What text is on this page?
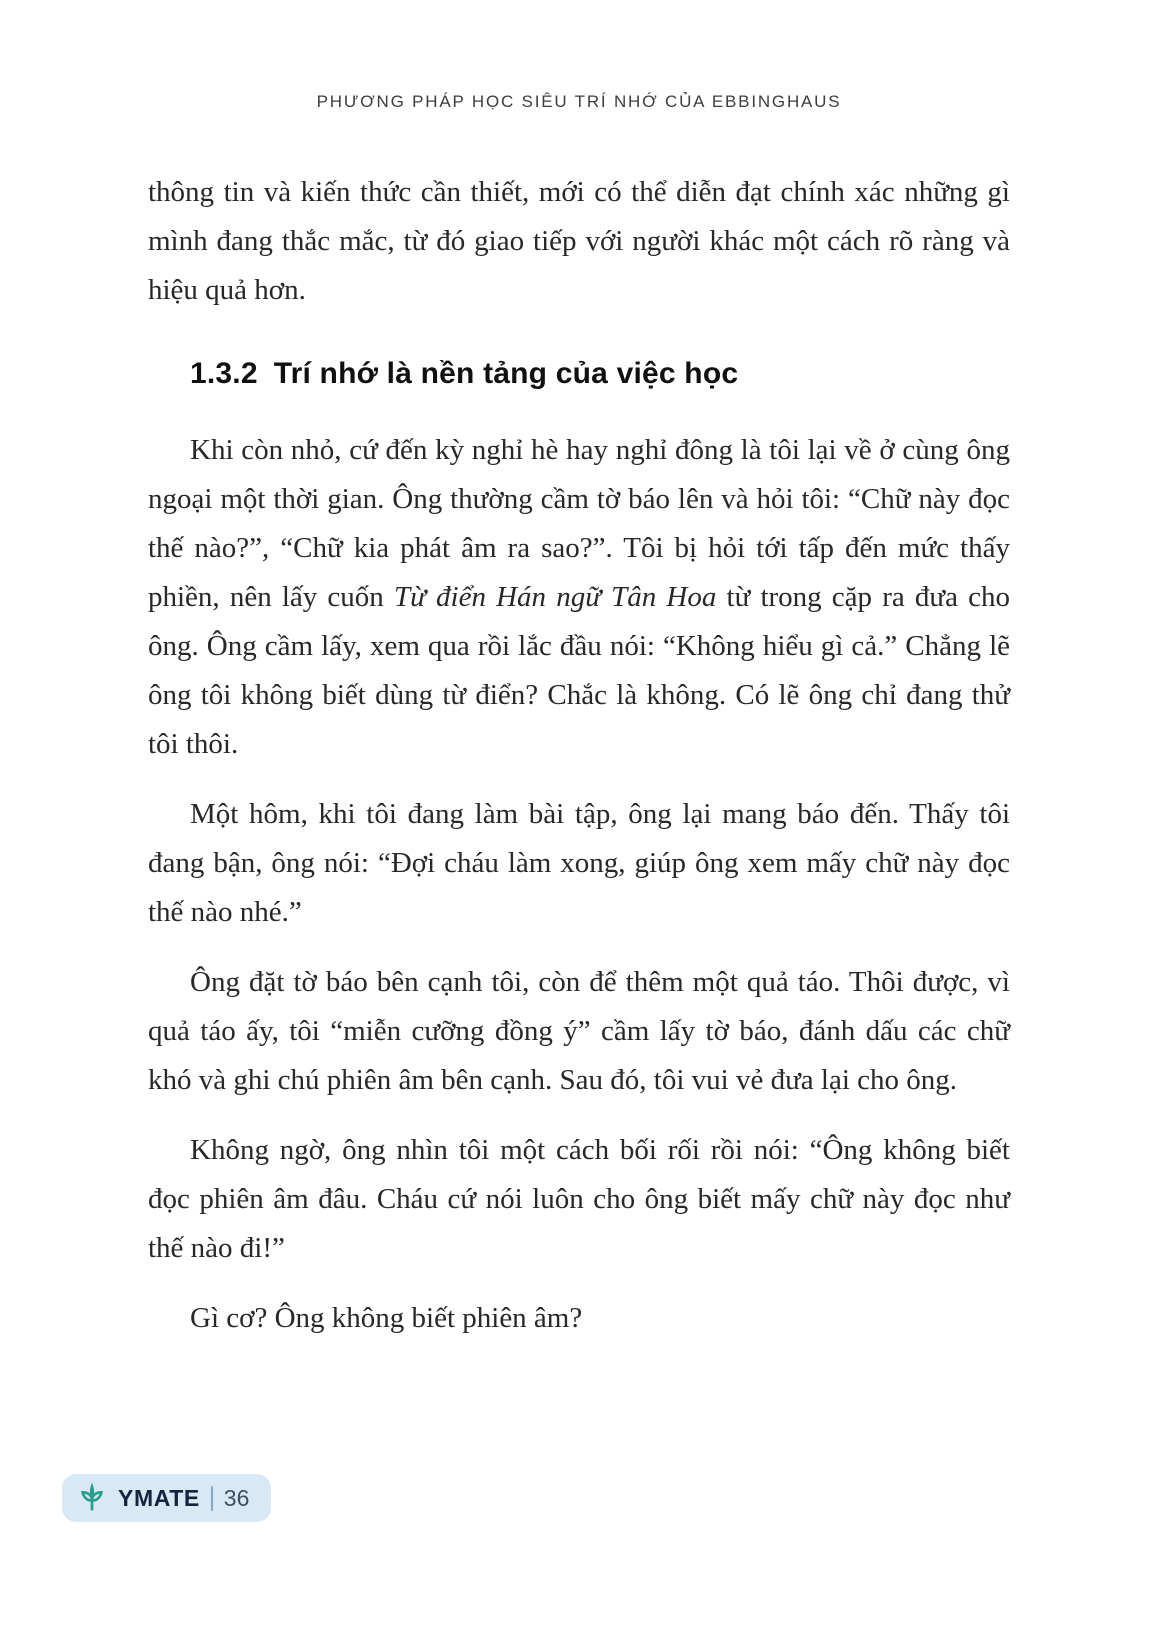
PHƯƠNG PHÁP HỌC SIÊU TRÍ NHỚ CỦA EBBINGHAUS

thông tin và kiến thức cần thiết, mới có thể diễn đạt chính xác những gì mình đang thắc mắc, từ đó giao tiếp với người khác một cách rõ ràng và hiệu quả hơn.

1.3.2 Trí nhớ là nền tảng của việc học

Khi còn nhỏ, cứ đến kỳ nghỉ hè hay nghỉ đông là tôi lại về ở cùng ông ngoại một thời gian. Ông thường cầm tờ báo lên và hỏi tôi: “Chữ này đọc thế nào?”, “Chữ kia phát âm ra sao?”. Tôi bị hỏi tới tấp đến mức thấy phiền, nên lấy cuốn Từ điển Hán ngữ Tân Hoa từ trong cặp ra đưa cho ông. Ông cầm lấy, xem qua rồi lắc đầu nói: “Không hiểu gì cả.” Chẳng lẽ ông tôi không biết dùng từ điển? Chắc là không. Có lẽ ông chỉ đang thử tôi thôi.

Một hôm, khi tôi đang làm bài tập, ông lại mang báo đến. Thấy tôi đang bận, ông nói: “Đợi cháu làm xong, giúp ông xem mấy chữ này đọc thế nào nhé.”

Ông đặt tờ báo bên cạnh tôi, còn để thêm một quả táo. Thôi được, vì quả táo ấy, tôi “miễn cưỡng đồng ý” cầm lấy tờ báo, đánh dấu các chữ khó và ghi chú phiên âm bên cạnh. Sau đó, tôi vui vẻ đưa lại cho ông.

Không ngờ, ông nhìn tôi một cách bối rối rồi nói: “Ông không biết đọc phiên âm đâu. Cháu cứ nói luôn cho ông biết mấy chữ này đọc như thế nào đi!”

Gì cơ? Ông không biết phiên âm?

YMATE 36
